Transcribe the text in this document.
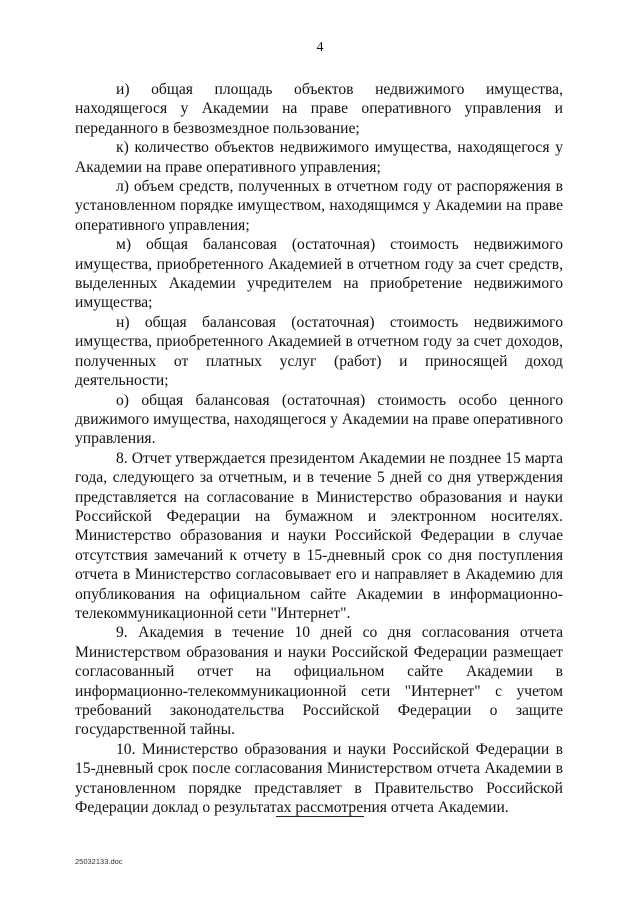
4

и) общая площадь объектов недвижимого имущества, находящегося у Академии на праве оперативного управления и переданного в безвозмездное пользование;

к) количество объектов недвижимого имущества, находящегося у Академии на праве оперативного управления;

л) объем средств, полученных в отчетном году от распоряжения в установленном порядке имуществом, находящимся у Академии на праве оперативного управления;

м) общая балансовая (остаточная) стоимость недвижимого имущества, приобретенного Академией в отчетном году за счет средств, выделенных Академии учредителем на приобретение недвижимого имущества;

н) общая балансовая (остаточная) стоимость недвижимого имущества, приобретенного Академией в отчетном году за счет доходов, полученных от платных услуг (работ) и приносящей доход деятельности;

о) общая балансовая (остаточная) стоимость особо ценного движимого имущества, находящегося у Академии на праве оперативного управления.

8. Отчет утверждается президентом Академии не позднее 15 марта года, следующего за отчетным, и в течение 5 дней со дня утверждения представляется на согласование в Министерство образования и науки Российской Федерации на бумажном и электронном носителях. Министерство образования и науки Российской Федерации в случае отсутствия замечаний к отчету в 15-дневный срок со дня поступления отчета в Министерство согласовывает его и направляет в Академию для опубликования на официальном сайте Академии в информационно-телекоммуникационной сети "Интернет".

9. Академия в течение 10 дней со дня согласования отчета Министерством образования и науки Российской Федерации размещает согласованный отчет на официальном сайте Академии в информационно-телекоммуникационной сети "Интернет" с учетом требований законодательства Российской Федерации о защите государственной тайны.

10. Министерство образования и науки Российской Федерации в 15-дневный срок после согласования Министерством отчета Академии в установленном порядке представляет в Правительство Российской Федерации доклад о результатах рассмотрения отчета Академии.

25032133.doc
